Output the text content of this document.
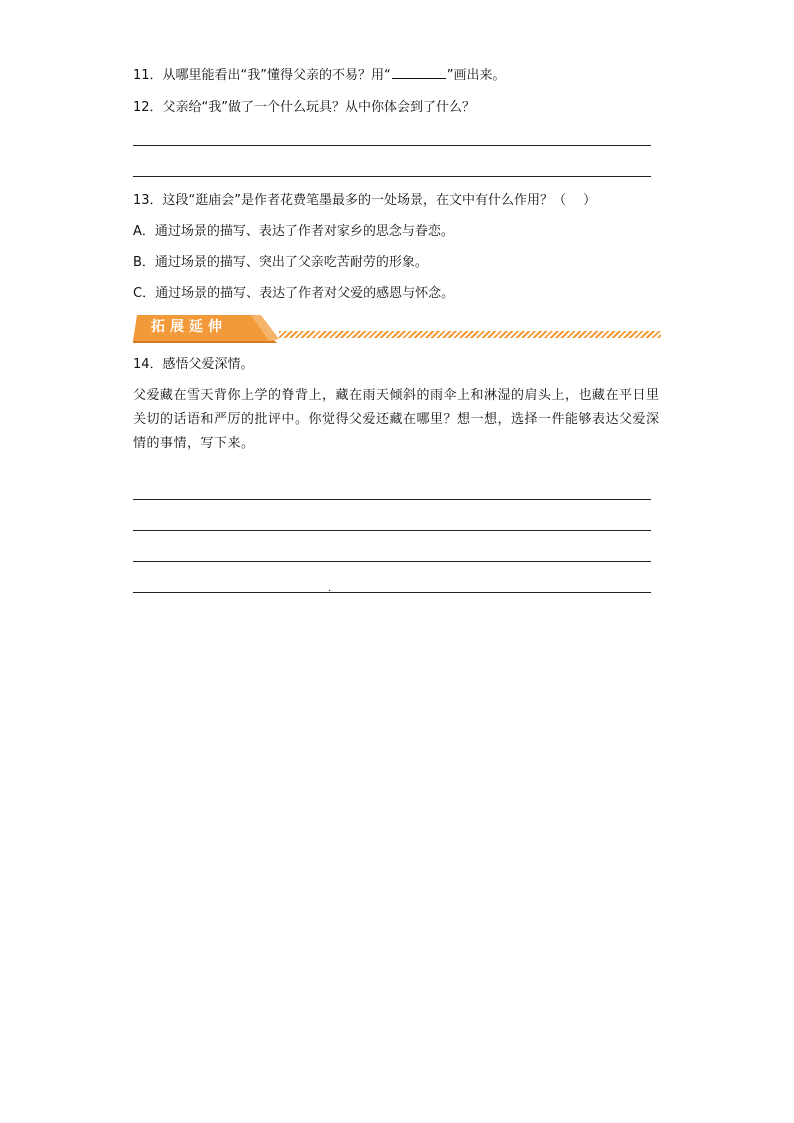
11．从哪里能看出“我”懂得父亲的不易？用“	”画出来。
12．父亲给“我”做了一个什么玩具？从中你体会到了什么？
13．这段“逛庙会”是作者花费笔墨最多的一处场景，在文中有什么作用？（　 ）
A．通过场景的描写、表达了作者对家乡的思念与眷恋。
B．通过场景的描写、突出了父亲吃苦耐劳的形象。
C．通过场景的描写、表达了作者对父爱的感恩与怀念。
拓展延伸
14．感悟父爱深情。
父爱藏在雪天背你上学的脊背上，藏在雨天倾斜的雨伞上和淋湿的肩头上，也藏在平日里关切的话语和严厉的批评中。你觉得父爱还藏在哪里？想一想，选择一件能够表达父爱深情的事情，写下来。
.
